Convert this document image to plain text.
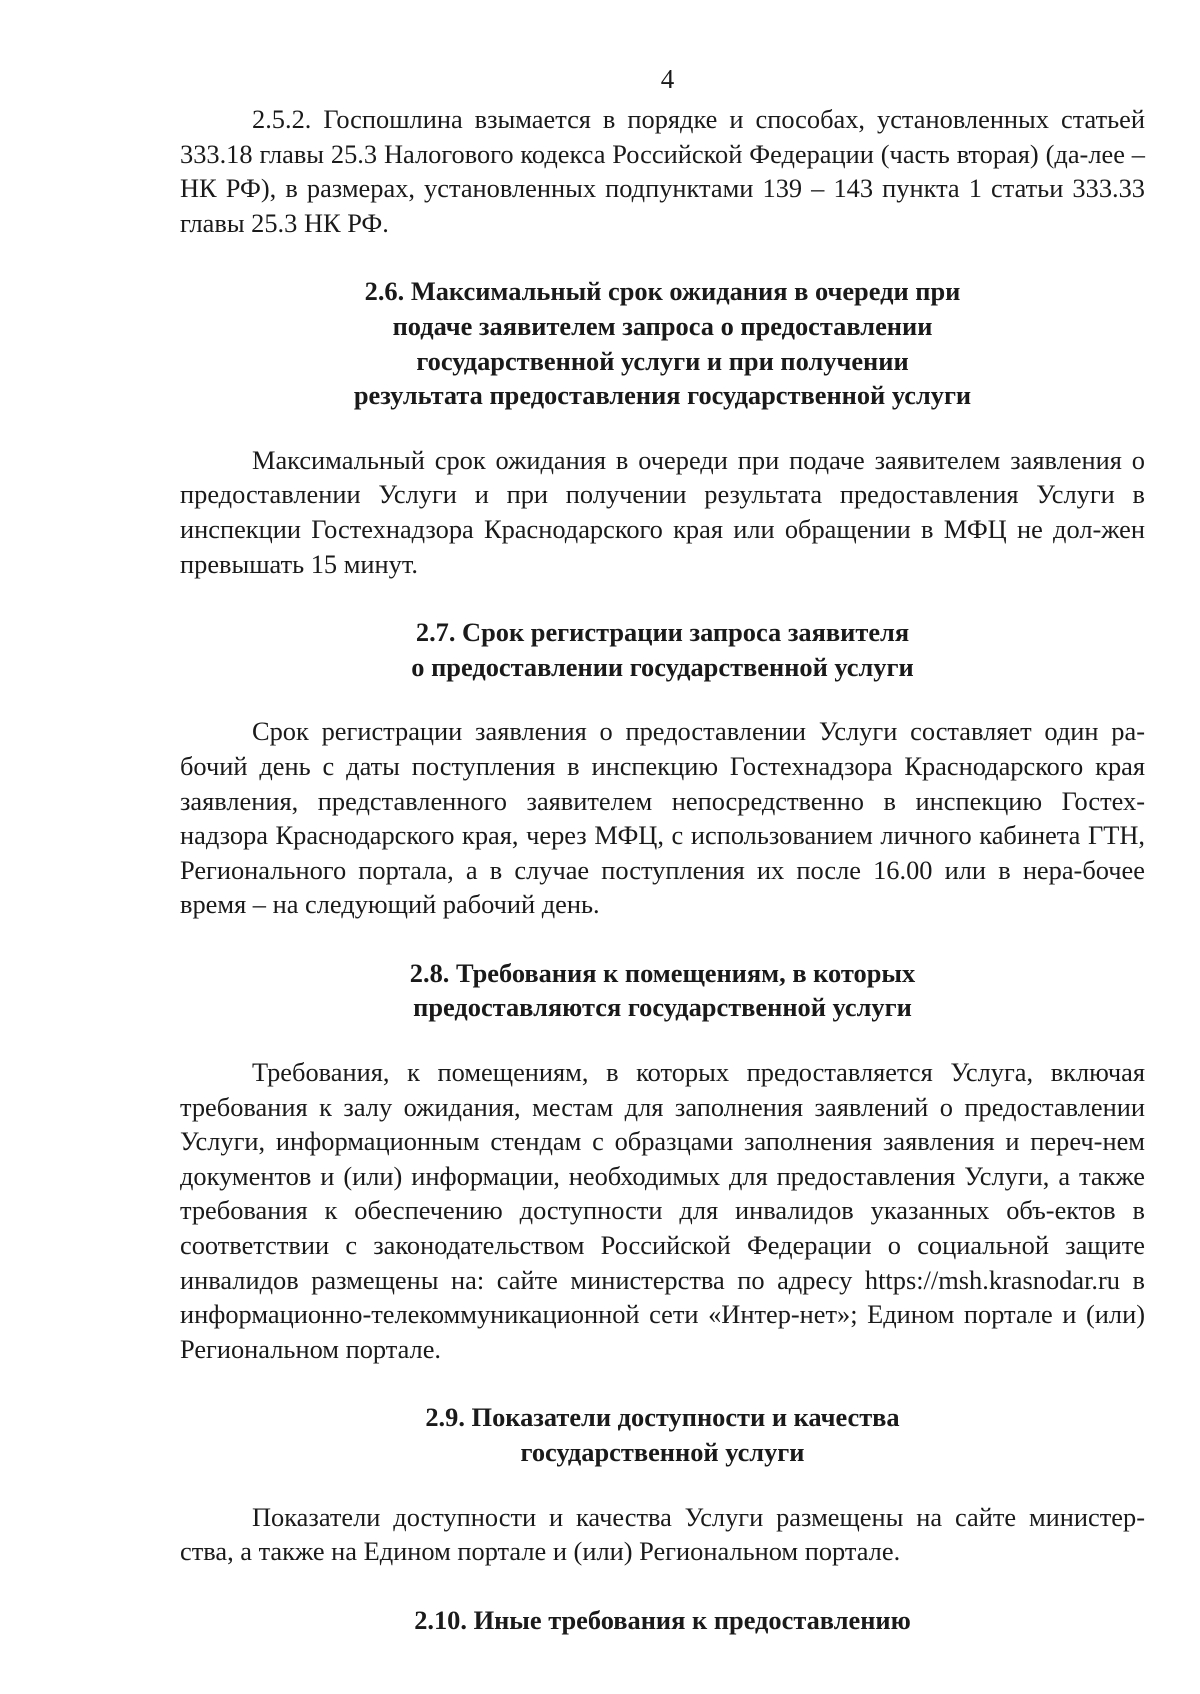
4

2.5.2. Госпошлина взымается в порядке и способах, установленных статьей 333.18 главы 25.3 Налогового кодекса Российской Федерации (часть вторая) (да-лее – НК РФ), в размерах, установленных подпунктами 139 – 143 пункта 1 статьи 333.33 главы 25.3 НК РФ.

2.6. Максимальный срок ожидания в очереди при
подаче заявителем запроса о предоставлении
государственной услуги и при получении
результата предоставления государственной услуги

Максимальный срок ожидания в очереди при подаче заявителем заявления о предоставлении Услуги и при получении результата предоставления Услуги в инспекции Гостехнадзора Краснодарского края или обращении в МФЦ не дол-жен превышать 15 минут.

2.7. Срок регистрации запроса заявителя
о предоставлении государственной услуги

Срок регистрации заявления о предоставлении Услуги составляет один ра-бочий день с даты поступления в инспекцию Гостехнадзора Краснодарского края заявления, представленного заявителем непосредственно в инспекцию Гостех-надзора Краснодарского края, через МФЦ, с использованием личного кабинета ГТН, Регионального портала, а в случае поступления их после 16.00 или в нера-бочее время – на следующий рабочий день.

2.8. Требования к помещениям, в которых
предоставляются государственной услуги

Требования, к помещениям, в которых предоставляется Услуга, включая требования к залу ожидания, местам для заполнения заявлений о предоставлении Услуги, информационным стендам с образцами заполнения заявления и переч-нем документов и (или) информации, необходимых для предоставления Услуги, а также требования к обеспечению доступности для инвалидов указанных объ-ектов в соответствии с законодательством Российской Федерации о социальной защите инвалидов размещены на: сайте министерства по адресу https://msh.krasnodar.ru в информационно-телекоммуникационной сети «Интер-нет»; Едином портале и (или) Региональном портале.

2.9. Показатели доступности и качества
государственной услуги

Показатели доступности и качества Услуги размещены на сайте министер-ства, а также на Едином портале и (или) Региональном портале.

2.10. Иные требования к предоставлению
